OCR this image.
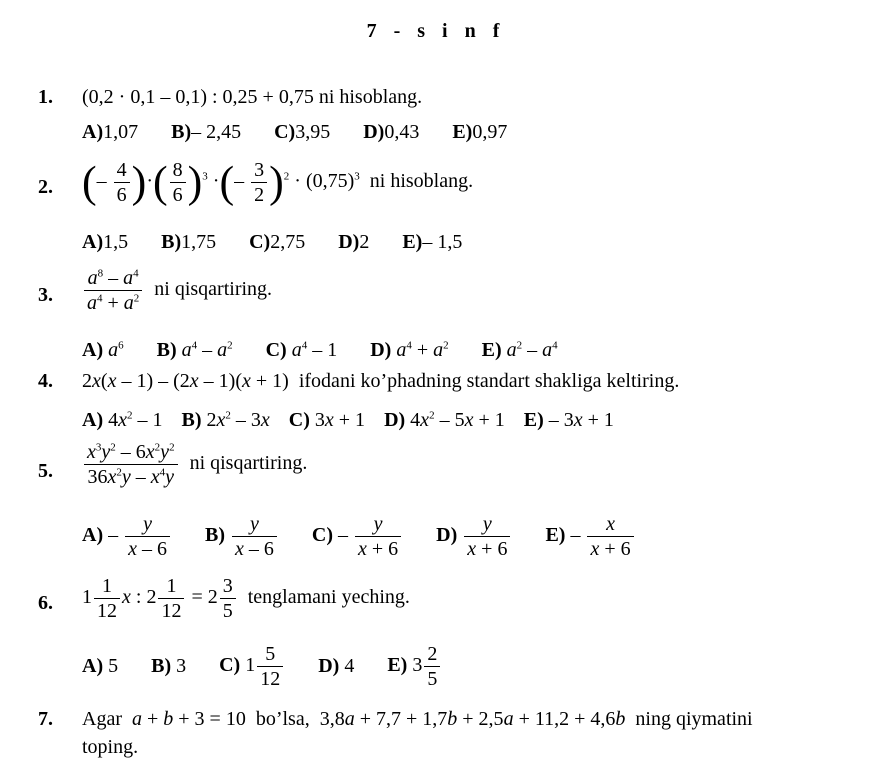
7 - s i n f
1. (0,2 · 0,1 – 0,1) : 0,25 + 0,75 ni hisoblang.
A)1,07 B)– 2,45 C)3,95 D)0,43 E)0,97
2. (– $\frac{4}{6}$ )·( $\frac{8}{6} )^3$ ·(– $\frac{3}{2} )^2 \cdot (0,75)^3$ ni hisoblang.
A)1,5 B)1,75 C)2,75 D)2 E)– 1,5
3. $\frac{a^8 - a^4}{a^4 + a^2}$ ni qisqartiring.
A) $a^6$ B) $a^4 - a^2$ C) $a^4 - 1$ D) $a^4 + a^2$ E) $a^2 - a^4$
4. 2x(x – 1) – (2x – 1)(x + 1)  ifodani ko’phadning standart shakliga keltiring.
A) $4x^2 - 1$ B) $2x^2 - 3x$ C) 3x + 1 D) $4x^2 - 5x + 1$ E) – 3x + 1
5. $\frac{x^3y^2 - 6x^2y^2}{36x^2y - x^4y}$ ni qisqartiring.
$A) - \frac{y}{x - 6} B) \frac{y}{x - 6} C) - \frac{y}{x + 6} D) \frac{y}{x + 6} E) - \frac{x}{x + 6}$
6. $1 \frac{1}{12}$ x : $2 \frac{1}{12} = 2 \frac{3}{5}$ tenglamani yeching.
A) 5 B) 3 C) $1 \frac{5}{12} D$) 4 E) $3 \frac{2}{5}$
7. Agar a + b + 3 = 10  bo’lsa,  3,8a + 7,7 + 1,7b + 2,5a + 11,2 + 4,6b ning qiymatini
toping.
